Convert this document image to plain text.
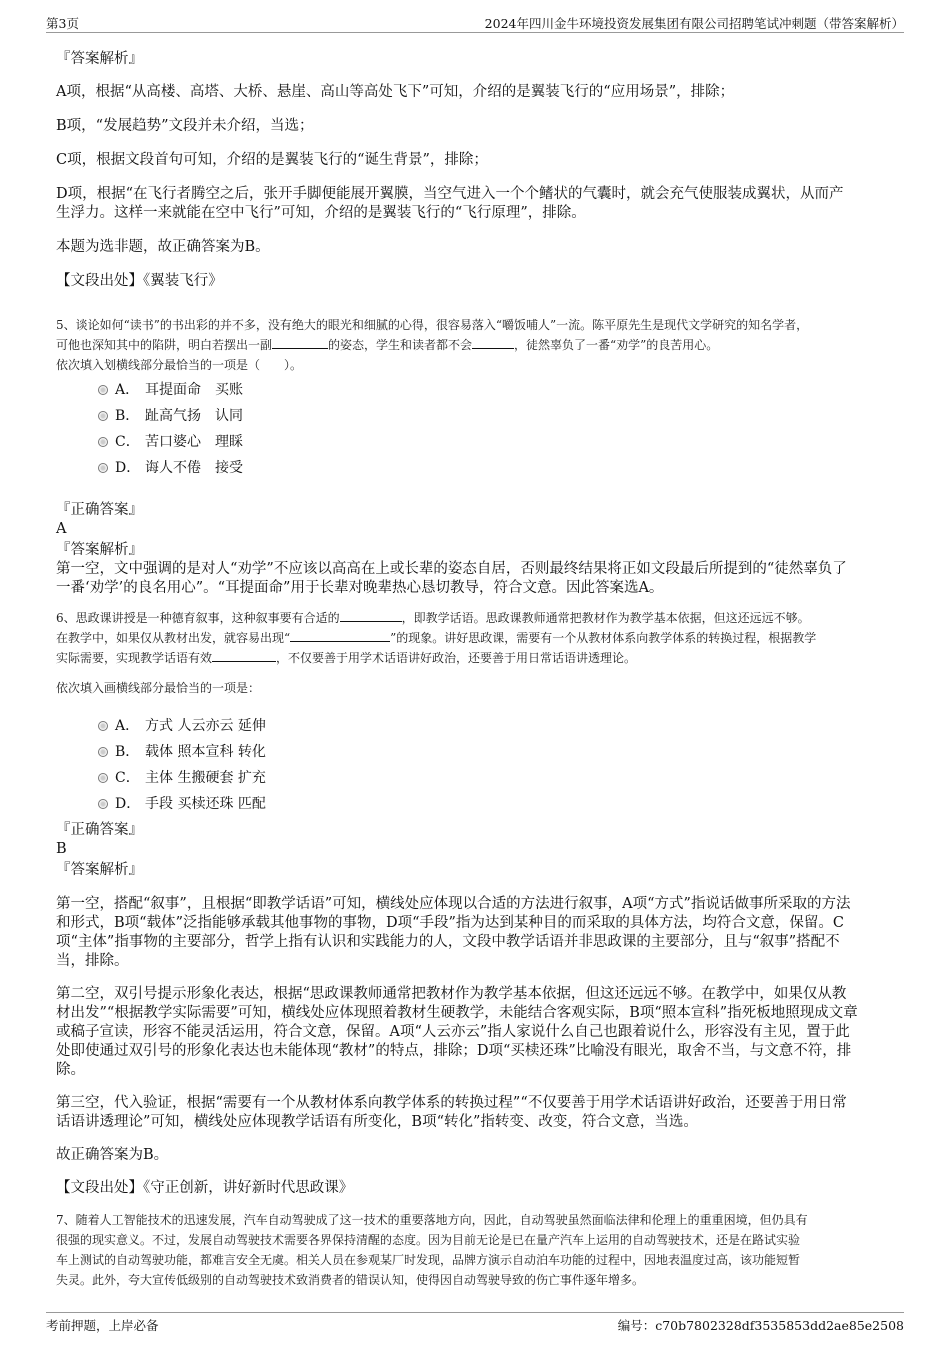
第3页	2024年四川金牛环境投资发展集团有限公司招聘笔试冲刺题（带答案解析）
『答案解析』

A项，根据“从高楼、高塔、大桥、悬崖、高山等高处飞下”可知，介绍的是翼装飞行的“应用场景”，排除；

B项，“发展趋势”文段并未介绍，当选；

C项，根据文段首句可知，介绍的是翼装飞行的“诞生背景”，排除；

D项，根据“在飞行者腾空之后，张开手脚便能展开翼膜，当空气进入一个个鳍状的气囊时，就会充气使服装成翼状，从而产

生浮力。这样一来就能在空中飞行”可知，介绍的是翼装飞行的“飞行原理”，排除。

本题为选非题，故正确答案为B。

【文段出处】《翼装飞行》

5、谈论如何“读书”的书出彩的并不多，没有绝大的眼光和细腻的心得，很容易落入“嚼饭哺人”一流。陈平原先生是现代文学研究的知名学者，
可他也深知其中的陷阱，明白若摆出一副	的姿态，学生和读者都不会	，徒然辜负了一番“劝学”的良苦用心。
依次填入划横线部分最恰当的一项是（　　）。
A． 耳提面命　买账
B． 趾高气扬　认同
C． 苦口婆心　理睬
D． 诲人不倦　接受
『正确答案』
A
『答案解析』

第一空，文中强调的是对人“劝学”不应该以高高在上或长辈的姿态自居，否则最终结果将正如文段最后所提到的“徒然辜负了

一番‘劝学’的良名用心”。“耳提面命”用于长辈对晚辈热心恳切教导，符合文意。因此答案选A。

6、思政课讲授是一种德育叙事，这种叙事要有合适的	，即教学话语。思政课教师通常把教材作为教学基本依据，但这还远远不够。
在教学中，如果仅从教材出发，就容易出现“	”的现象。讲好思政课，需要有一个从教材体系向教学体系的转换过程，根据教学
实际需要，实现教学话语有效	，不仅要善于用学术话语讲好政治，还要善于用日常话语讲透理论。
依次填入画横线部分最恰当的一项是：
A． 方式 人云亦云 延伸
B． 载体 照本宣科 转化
C． 主体 生搬硬套 扩充
D． 手段 买椟还珠 匹配
『正确答案』
B
『答案解析』

第一空，搭配“叙事”，且根据“即教学话语”可知，横线处应体现以合适的方法进行叙事，A项“方式”指说话做事所采取的方法

和形式，B项“载体”泛指能够承载其他事物的事物，D项“手段”指为达到某种目的而采取的具体方法，均符合文意，保留。C

项“主体”指事物的主要部分，哲学上指有认识和实践能力的人，文段中教学话语并非思政课的主要部分，且与“叙事”搭配不

当，排除。

第二空，双引号提示形象化表达，根据“思政课教师通常把教材作为教学基本依据，但这还远远不够。在教学中，如果仅从教

材出发”“根据教学实际需要”可知，横线处应体现照着教材生硬教学，未能结合客观实际，B项“照本宣科”指死板地照现成文章

或稿子宣读，形容不能灵活运用，符合文意，保留。A项“人云亦云”指人家说什么自己也跟着说什么，形容没有主见，置于此

处即使通过双引号的形象化表达也未能体现“教材”的特点，排除；D项“买椟还珠”比喻没有眼光，取舍不当，与文意不符，排

除。

第三空，代入验证，根据“需要有一个从教材体系向教学体系的转换过程”“不仅要善于用学术话语讲好政治，还要善于用日常

话语讲透理论”可知，横线处应体现教学话语有所变化，B项“转化”指转变、改变，符合文意，当选。

故正确答案为B。

【文段出处】《守正创新，讲好新时代思政课》

7、随着人工智能技术的迅速发展，汽车自动驾驶成了这一技术的重要落地方向，因此，自动驾驶虽然面临法律和伦理上的重重困境，但仍具有
很强的现实意义。不过，发展自动驾驶技术需要各界保持清醒的态度。因为目前无论是已在量产汽车上运用的自动驾驶技术，还是在路试实验
车上测试的自动驾驶功能，都难言安全无虞。相关人员在参观某厂时发现，品牌方演示自动泊车功能的过程中，因地表温度过高，该功能短暂
失灵。此外，夸大宣传低级别的自动驾驶技术致消费者的错误认知，使得因自动驾驶导致的伤亡事件逐年增多。
考前押题，上岸必备	编号：c70b7802328df3535853dd2ae85e2508
